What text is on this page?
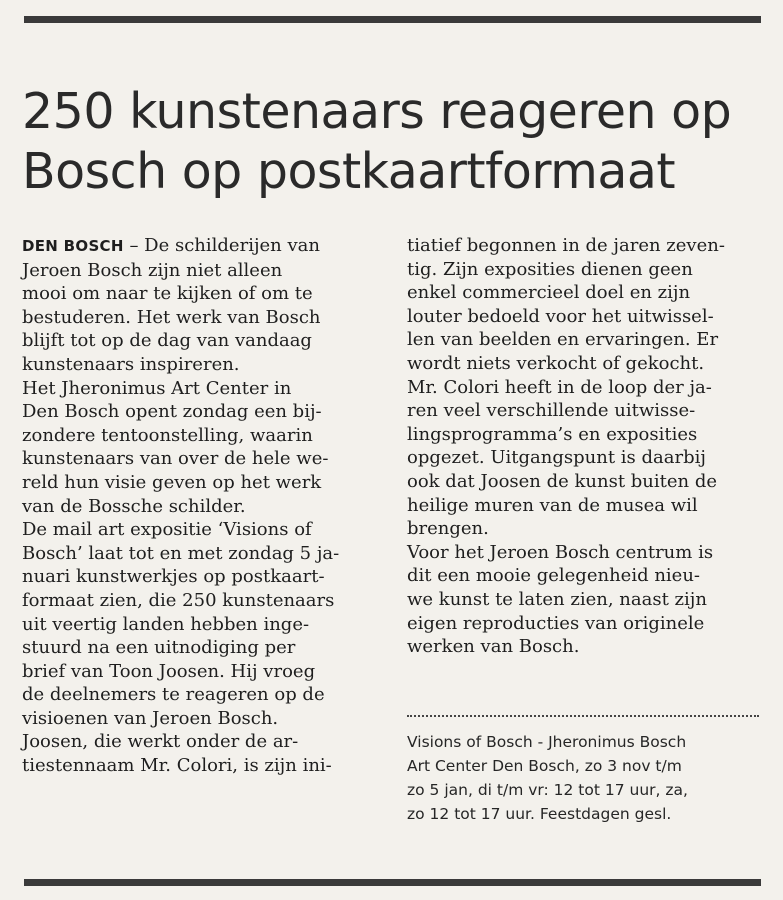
250 kunstenaars reageren op
Bosch op postkaartformaat
DEN BOSCH – De schilderijen van
Jeroen Bosch zijn niet alleen
mooi om naar te kijken of om te
bestuderen. Het werk van Bosch
blijft tot op de dag van vandaag
kunstenaars inspireren.
Het Jheronimus Art Center in
Den Bosch opent zondag een bij-
zondere tentoonstelling, waarin
kunstenaars van over de hele we-
reld hun visie geven op het werk
van de Bossche schilder.
De mail art expositie ‘Visions of
Bosch’ laat tot en met zondag 5 ja-
nuari kunstwerkjes op postkaart-
formaat zien, die 250 kunstenaars
uit veertig landen hebben inge-
stuurd na een uitnodiging per
brief van Toon Joosen. Hij vroeg
de deelnemers te reageren op de
visioenen van Jeroen Bosch.
Joosen, die werkt onder de ar-
tiestennaam Mr. Colori, is zijn ini-
tiatief begonnen in de jaren zeven-
tig. Zijn exposities dienen geen
enkel commercieel doel en zijn
louter bedoeld voor het uitwissel-
len van beelden en ervaringen. Er
wordt niets verkocht of gekocht.
Mr. Colori heeft in de loop der ja-
ren veel verschillende uitwisse-
lingsprogramma’s en exposities
opgezet. Uitgangspunt is daarbij
ook dat Joosen de kunst buiten de
heilige muren van de musea wil
brengen.
Voor het Jeroen Bosch centrum is
dit een mooie gelegenheid nieu-
we kunst te laten zien, naast zijn
eigen reproducties van originele
werken van Bosch.
Visions of Bosch - Jheronimus Bosch
Art Center Den Bosch, zo 3 nov t/m
zo 5 jan, di t/m vr: 12 tot 17 uur, za,
zo 12 tot 17 uur. Feestdagen gesl.
